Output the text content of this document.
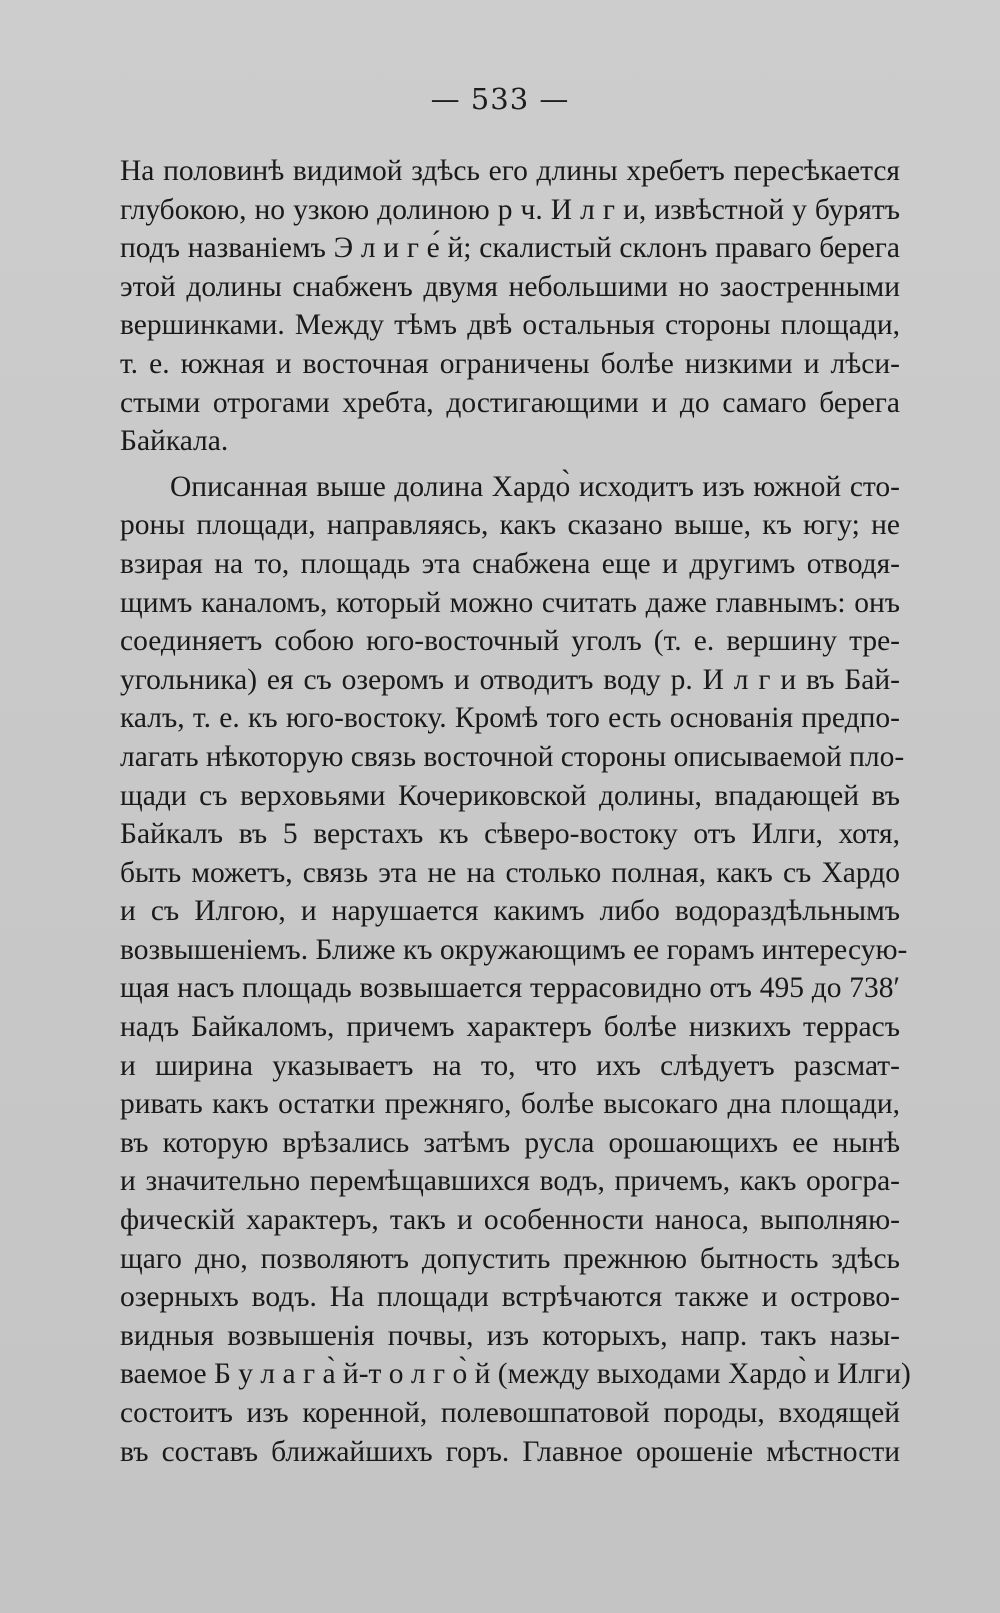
— 533 —
На половинѣ видимой здѣсь его длины хребетъ пересѣкается
глубокою, но узкою долиною р ч. И л г и, извѣстной у бурятъ
подъ названіемъ Э л и г е́ й; скалистый склонъ праваго берега
этой долины снабженъ двумя небольшими но заостренными
вершинками. Между тѣмъ двѣ остальныя стороны площади,
т. е. южная и восточная ограничены болѣе низкими и лѣси-
стыми отрогами хребта, достигающими и до самаго берега
Байкала.
Описанная выше долина Хардо̀ исходитъ изъ южной сто-
роны площади, направляясь, какъ сказано выше, къ югу; не
взирая на то, площадь эта снабжена еще и другимъ отводя-
щимъ каналомъ, который можно считать даже главнымъ: онъ
соединяетъ собою юго-восточный уголъ (т. е. вершину тре-
угольника) ея съ озеромъ и отводитъ воду р. И л г и въ Бай-
калъ, т. е. къ юго-востоку. Кромѣ того есть основанія предпо-
лагать нѣкоторую связь восточной стороны описываемой пло-
щади съ верховьями Кочериковской долины, впадающей въ
Байкалъ въ 5 верстахъ къ сѣверо-востоку отъ Илги, хотя,
быть можетъ, связь эта не на столько полная, какъ съ Хардо
и съ Илгою, и нарушается какимъ либо водораздѣльнымъ
возвышеніемъ. Ближе къ окружающимъ ее горамъ интересую-
щая насъ площадь возвышается террасовидно отъ 495 до 738′
надъ Байкаломъ, причемъ характеръ болѣе низкихъ террасъ
и ширина указываетъ на то, что ихъ слѣдуетъ разсмат-
ривать какъ остатки прежняго, болѣе высокаго дна площади,
въ которую врѣзались затѣмъ русла орошающихъ ее нынѣ
и значительно перемѣщавшихся водъ, причемъ, какъ орогра-
фическій характеръ, такъ и особенности наноса, выполняю-
щаго дно, позволяютъ допустить прежнюю бытность здѣсь
озерныхъ водъ. На площади встрѣчаются также и острово-
видныя возвышенія почвы, изъ которыхъ, напр. такъ назы-
ваемое Б у л а г а̀ й-т о л г о̀ й (между выходами Хардо̀ и Илги)
состоитъ изъ коренной, полевошпатовой породы, входящей
въ составъ ближайшихъ горъ. Главное орошеніе мѣстности
